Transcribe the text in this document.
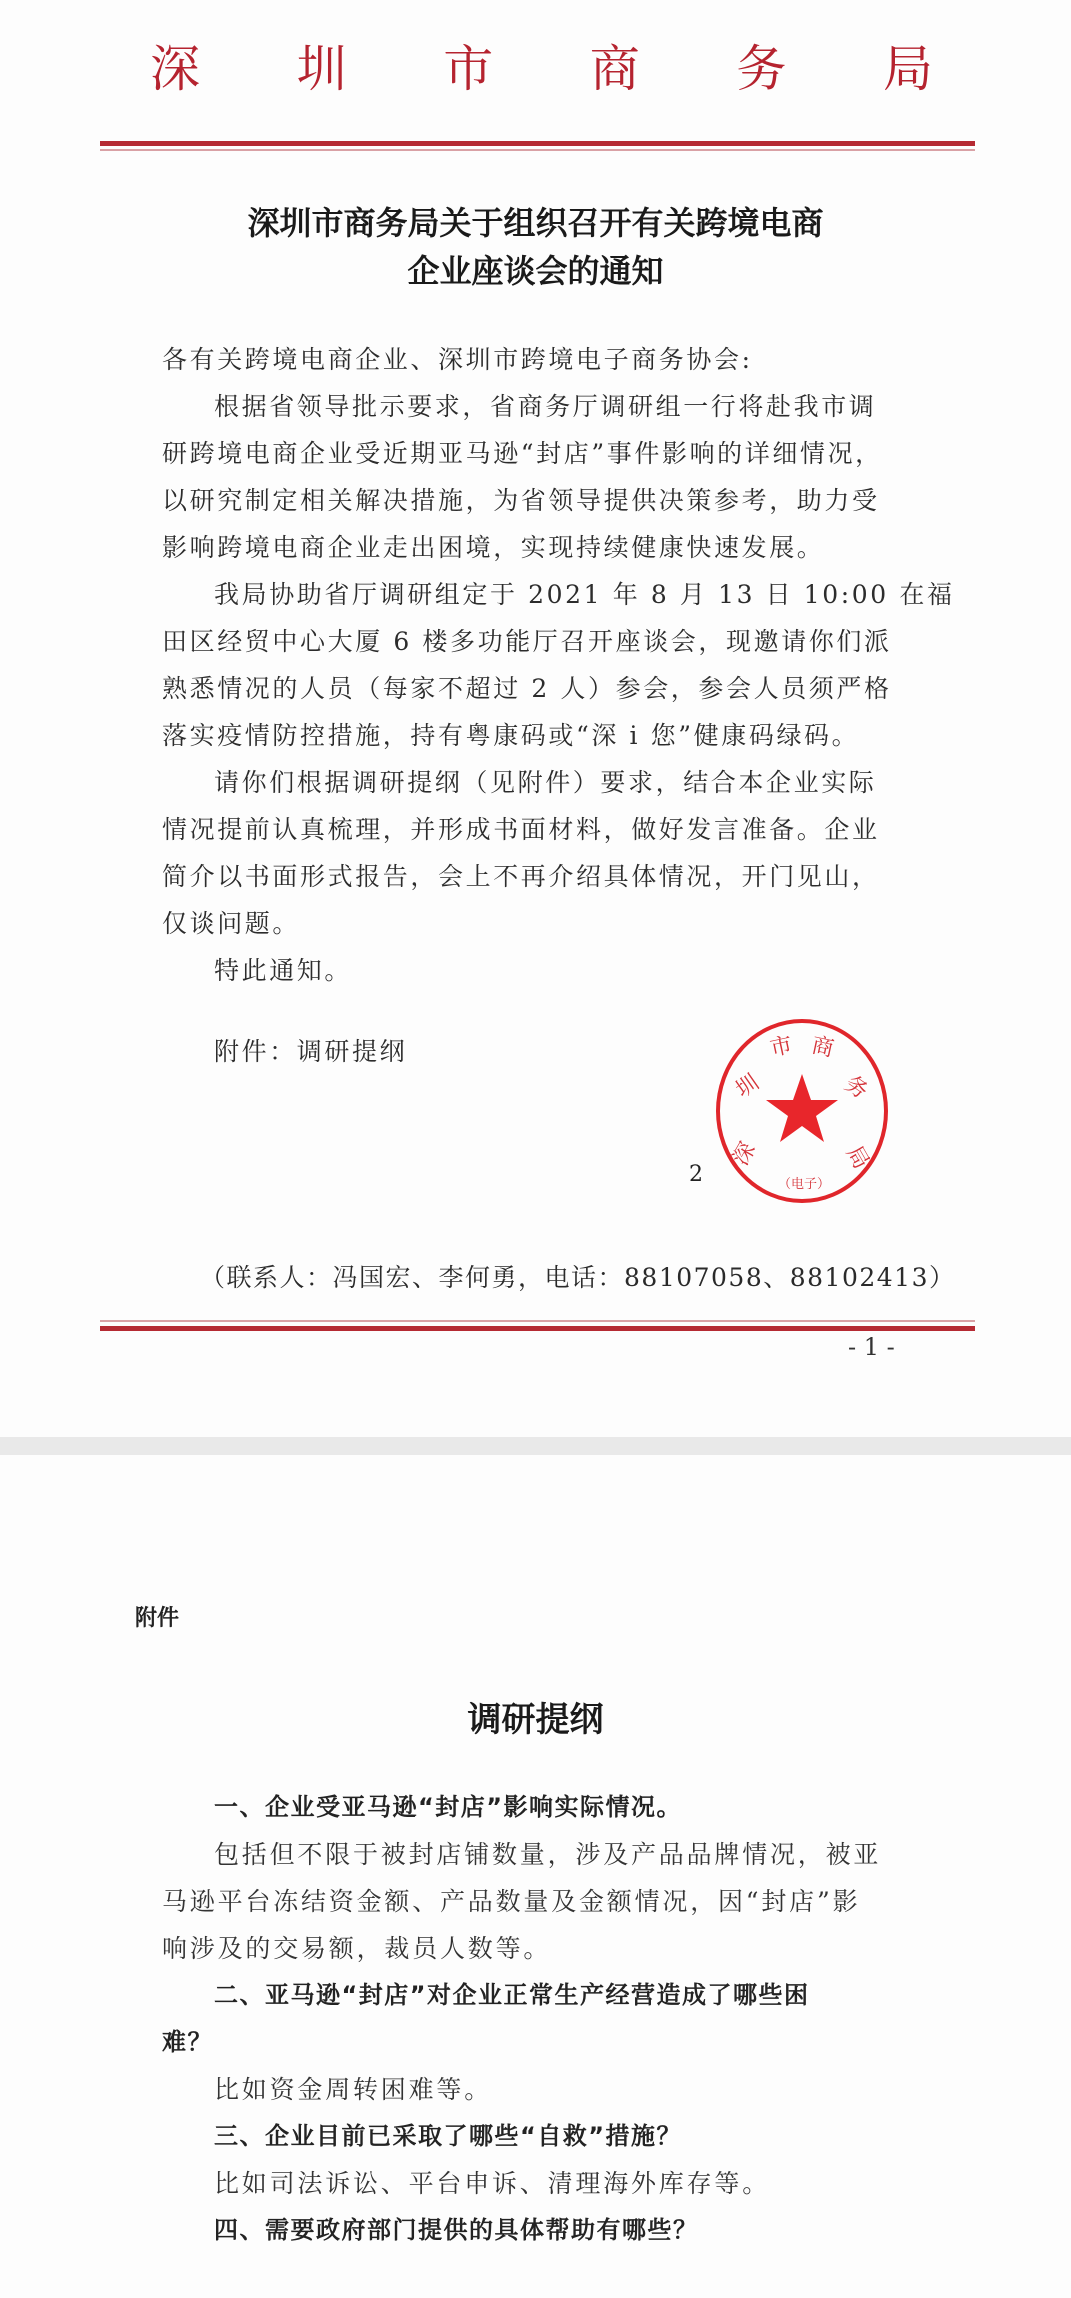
深 圳 市 商 务 局
深圳市商务局关于组织召开有关跨境电商
企业座谈会的通知
各有关跨境电商企业、深圳市跨境电子商务协会:
根据省领导批示要求，省商务厅调研组一行将赴我市调
研跨境电商企业受近期亚马逊“封店”事件影响的详细情况，
以研究制定相关解决措施，为省领导提供决策参考，助力受
影响跨境电商企业走出困境，实现持续健康快速发展。
我局协助省厅调研组定于 2021 年 8 月 13 日 10:00 在福
田区经贸中心大厦 6 楼多功能厅召开座谈会，现邀请你们派
熟悉情况的人员（每家不超过 2 人）参会，参会人员须严格
落实疫情防控措施，持有粤康码或“深 i 您”健康码绿码。
请你们根据调研提纲（见附件）要求，结合本企业实际
情况提前认真梳理，并形成书面材料，做好发言准备。企业
简介以书面形式报告，会上不再介绍具体情况，开门见山，
仅谈问题。
特此通知。
附件：调研提纲
深
圳
市 商
务
局
（电子）
2
（联系人：冯国宏、李何勇，电话：88107058、88102413）
- 1 -
附件
调研提纲
一、企业受亚马逊“封店”影响实际情况。
包括但不限于被封店铺数量，涉及产品品牌情况，被亚
马逊平台冻结资金额、产品数量及金额情况，因“封店”影
响涉及的交易额，裁员人数等。
二、亚马逊“封店”对企业正常生产经营造成了哪些困
难？
比如资金周转困难等。
三、企业目前已采取了哪些“自救”措施？
比如司法诉讼、平台申诉、清理海外库存等。
四、需要政府部门提供的具体帮助有哪些？
